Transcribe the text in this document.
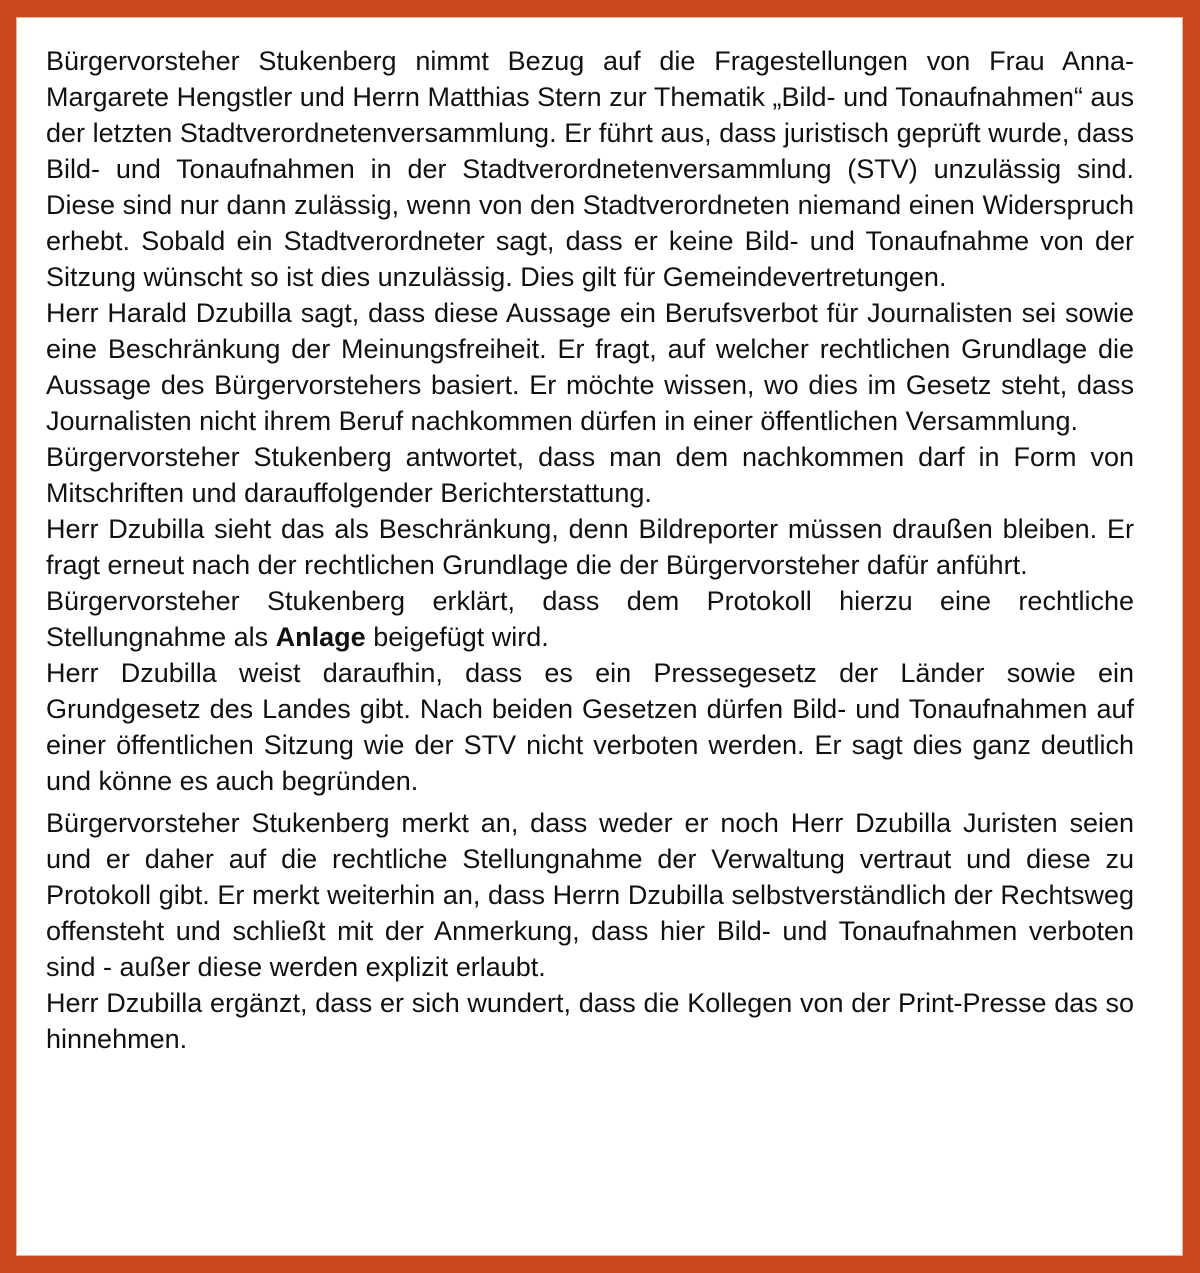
Bürgervorsteher Stukenberg nimmt Bezug auf die Fragestellungen von Frau Anna-Margarete Hengstler und Herrn Matthias Stern zur Thematik „Bild- und Tonaufnahmen“ aus der letzten Stadtverordnetenversammlung. Er führt aus, dass juristisch geprüft wurde, dass Bild- und Tonaufnahmen in der Stadtverordnetenversammlung (STV) unzulässig sind. Diese sind nur dann zulässig, wenn von den Stadtverordneten niemand einen Widerspruch erhebt. Sobald ein Stadtverordneter sagt, dass er keine Bild- und Tonaufnahme von der Sitzung wünscht so ist dies unzulässig. Dies gilt für Gemeindevertretungen.

Herr Harald Dzubilla sagt, dass diese Aussage ein Berufsverbot für Journalisten sei sowie eine Beschränkung der Meinungsfreiheit. Er fragt, auf welcher rechtlichen Grundlage die Aussage des Bürgervorstehers basiert. Er möchte wissen, wo dies im Gesetz steht, dass Journalisten nicht ihrem Beruf nachkommen dürfen in einer öffentlichen Versammlung.

Bürgervorsteher Stukenberg antwortet, dass man dem nachkommen darf in Form von Mitschriften und darauffolgender Berichterstattung.

Herr Dzubilla sieht das als Beschränkung, denn Bildreporter müssen draußen bleiben. Er fragt erneut nach der rechtlichen Grundlage die der Bürgervorsteher dafür anführt.

Bürgervorsteher Stukenberg erklärt, dass dem Protokoll hierzu eine rechtliche Stellungnahme als Anlage beigefügt wird.

Herr Dzubilla weist daraufhin, dass es ein Pressegesetz der Länder sowie ein Grundgesetz des Landes gibt. Nach beiden Gesetzen dürfen Bild- und Tonaufnahmen auf einer öffentlichen Sitzung wie der STV nicht verboten werden. Er sagt dies ganz deutlich und könne es auch begründen.

Bürgervorsteher Stukenberg merkt an, dass weder er noch Herr Dzubilla Juristen seien und er daher auf die rechtliche Stellungnahme der Verwaltung vertraut und diese zu Protokoll gibt. Er merkt weiterhin an, dass Herrn Dzubilla selbstverständlich der Rechtsweg offensteht und schließt mit der Anmerkung, dass hier Bild- und Tonaufnahmen verboten sind - außer diese werden explizit erlaubt.

Herr Dzubilla ergänzt, dass er sich wundert, dass die Kollegen von der Print-Presse das so hinnehmen.
